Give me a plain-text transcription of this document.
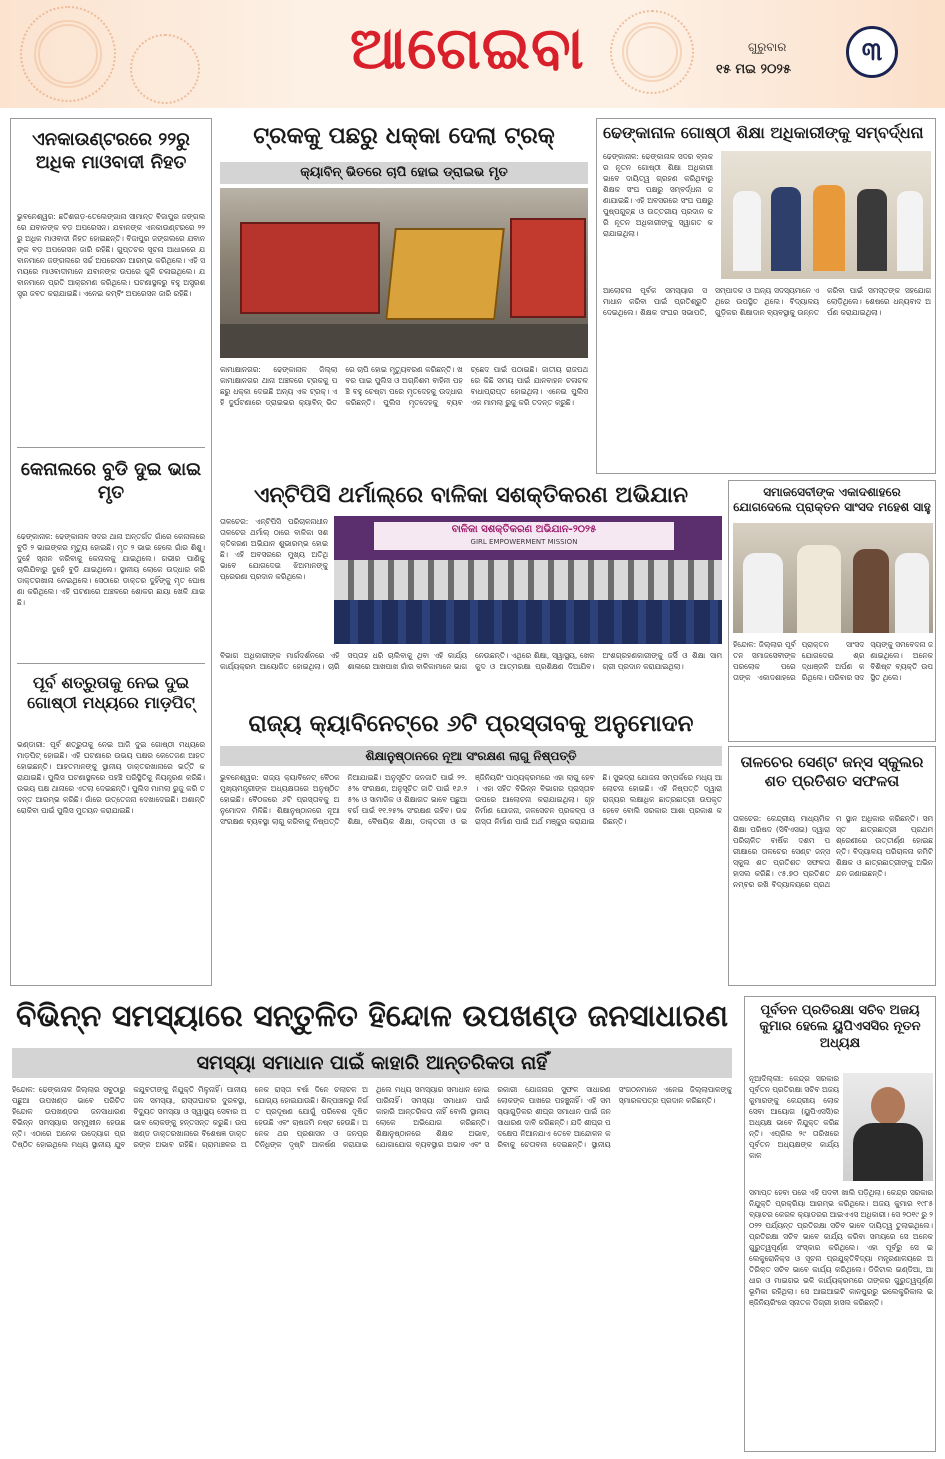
ଆଗେଇବା	ଗୁରୁବାର
୧୫ ମଇ ୨୦୨୫
୩
ଏନକାଉଣ୍ଟରରେ ୨୨ରୁ ଅଧିକ ମାଓବାଦୀ ନିହତ
ଭୁବନେଶ୍ୱର: ଛତିଶଗଡ଼-ତେଲେଙ୍ଗାନା ସୀମାନ୍ତ ବିଜାପୁର ଜଙ୍ଗଲରେ ଯବାନଙ୍କ ବଡ଼ ଅପରେସନ। ଯବାନଙ୍କ ଏନକାଉଣ୍ଟରରେ ୨୨ରୁ ଅଧିକ ମାଓବାଦୀ ନିହତ ହୋଇଛନ୍ତି। ବିଜାପୁର ଜଙ୍ଗଲରେ ଯବାନଙ୍କ ବଡ଼ ଅପରେସନ ଜାରି ରହିଛି। ଗୁପ୍ତଚର ସୂଚନା ଆଧାରରେ ଯବାନମାନେ ଜଙ୍ଗଲରେ ସର୍ଚ୍ଚ ଅପରେସନ ଆରମ୍ଭ କରିଥିଲେ। ଏହି ସମୟରେ ମାଓବାଦୀମାନେ ଯବାନଙ୍କ ଉପରେ ଗୁଳି ଚଳାଇଥିଲେ। ଯବାନମାନେ ପ୍ରତି ଆକ୍ରମଣ କରିଥିଲେ। ଘଟଣାସ୍ଥଳରୁ ବହୁ ଅସ୍ତ୍ରଶସ୍ତ୍ର ଜବତ କରାଯାଇଛି। ଏନେଇ କମ୍ବିଂ ଅପରେସନ ଜାରି ରହିଛି।
କେନାଲରେ ବୁଡି ଦୁଇ ଭାଇ ମୃତ
ଢେଙ୍କାନାଳ: ଢେଙ୍କାନାଳ ସଦର ଥାନା ଅନ୍ତର୍ଗତ ଗାଁରେ କେନାଲରେ ବୁଡି ୨ ଭାଇଙ୍କର ମୃତ୍ୟୁ ହୋଇଛି। ମୃତ ୨ ଭାଇ ହେଲେ ଗାଁର ଶିଶୁ। ଦୁହେଁ ସ୍ନାନ କରିବାକୁ କେନାଲକୁ ଯାଇଥିଲେ। ଗଭୀର ପାଣିକୁ ଚାଲିଯିବାରୁ ଦୁହେଁ ବୁଡି ଯାଇଥିଲେ। ସ୍ଥାନୀୟ ଲୋକେ ଉଦ୍ଧାର କରି ଡାକ୍ତରଖାନା ନେଇଥିଲେ। ସେଠାରେ ଡାକ୍ତର ଦୁହିଁଙ୍କୁ ମୃତ ଘୋଷଣା କରିଥିଲେ। ଏହି ଘଟଣାରେ ଅଞ୍ଚଳରେ ଶୋକର ଛାୟା ଖେଳି ଯାଇଛି।
ପୂର୍ବ ଶତ୍ରୁତାକୁ ନେଇ ଦୁଇ ଗୋଷ୍ଠୀ ମଧ୍ୟରେ ମାଡ଼ପିଟ୍
ଭଣ୍ଡାରୀ: ପୂର୍ବ ଶତ୍ରୁତାକୁ ନେଇ ଆଜି ଦୁଇ ଗୋଷ୍ଠୀ ମଧ୍ୟରେ ମାଡ଼ପିଟ୍ ହୋଇଛି। ଏହି ଘଟଣାରେ ଉଭୟ ପକ୍ଷର କେତେଜଣ ଆହତ ହୋଇଛନ୍ତି। ଆହତମାନଙ୍କୁ ସ୍ଥାନୀୟ ଡାକ୍ତରଖାନାରେ ଭର୍ତ୍ତି କରାଯାଇଛି। ପୁଲିସ ଘଟଣାସ୍ଥଳରେ ପହଞ୍ଚି ପରିସ୍ଥିତିକୁ ନିୟନ୍ତ୍ରଣ କରିଛି। ଉଭୟ ପକ୍ଷ ଥାନାରେ ଏତଲା ଦେଇଛନ୍ତି। ପୁଲିସ ମାମଲା ରୁଜୁ କରି ତଦନ୍ତ ଆରମ୍ଭ କରିଛି। ଗାଁରେ ଉତ୍ତେଜନା ଦେଖାଦେଇଛି। ଅଶାନ୍ତି ରୋକିବା ପାଇଁ ପୁଲିସ ମୁତୟନ କରାଯାଇଛି।
ଟ୍ରକକୁ ପଛରୁ ଧକ୍କା ଦେଲା ଟ୍ରକ୍
କ୍ୟାବିନ୍ ଭିତରେ ଚାପି ହୋଇ ଡ୍ରାଇଭ ମୃତ
କାମାକ୍ଷାନଗର: ଢେଙ୍କାନାଳ ଜିଲ୍ଲା କାମାକ୍ଷାନଗର ଥାନା ଅଞ୍ଚଳରେ ଟ୍ରକକୁ ପଛରୁ ଧକ୍କା ଦେଇଛି ଅନ୍ୟ ଏକ ଟ୍ରକ୍। ଏହି ଦୁର୍ଘଟଣାରେ ଡ୍ରାଇଭର କ୍ୟାବିନ୍ ଭିତରେ ଚାପି ହୋଇ ମୃତ୍ୟୁବରଣ କରିଛନ୍ତି। ଖବର ପାଇ ପୁଲିସ ଓ ଅଗ୍ନିଶମ ବାହିନୀ ପହଞ୍ଚି ବହୁ ଚେଷ୍ଟା ପରେ ମୃତଦେହକୁ ଉଦ୍ଧାର କରିଛନ୍ତି। ପୁଲିସ ମୃତଦେହକୁ ବ୍ୟବଚ୍ଛେଦ ପାଇଁ ପଠାଇଛି। ଜାତୀୟ ରାଜପଥରେ କିଛି ସମୟ ପାଇଁ ଯାନବାହନ ଚଳାଚଳ ବାଧାପ୍ରାପ୍ତ ହୋଇଥିଲା। ଏନେଇ ପୁଲିସ ଏକ ମାମଲା ରୁଜୁ କରି ତଦନ୍ତ କରୁଛି।
ଢେଙ୍କାନାଳ ଗୋଷ୍ଠୀ ଶିକ୍ଷା ଅଧିକାରୀଙ୍କୁ ସମ୍ବର୍ଦ୍ଧନା
ଢେଙ୍କାନାଳ: ଢେଙ୍କାନାଳ ସଦର ବ୍ଲକର ନୂତନ ଗୋଷ୍ଠୀ ଶିକ୍ଷା ଅଧିକାରୀ ଭାବେ ଦାୟିତ୍ୱ ଗ୍ରହଣ କରିଥିବାରୁ ଶିକ୍ଷକ ସଂଘ ପକ୍ଷରୁ ସମ୍ବର୍ଦ୍ଧନା ଜଣାଯାଇଛି। ଏହି ଅବସରରେ ସଂଘ ପକ୍ଷରୁ ପୁଷ୍ପଗୁଚ୍ଛ ଓ ଉତ୍ତରୀୟ ପ୍ରଦାନ କରି ନୂତନ ଅଧିକାରୀଙ୍କୁ ସ୍ୱାଗତ କରାଯାଇଥିଲା।
ଆଲୋଚନା ପୂର୍ବକ ସମସ୍ୟାର ସମାଧାନ କରିବା ପାଇଁ ପ୍ରତିଶ୍ରୁତି ଦେଇଥିଲେ। ଶିକ୍ଷକ ସଂଘର ସଭାପତି, ସମ୍ପାଦକ ଓ ଅନ୍ୟ ସଦସ୍ୟମାନେ ଏଥିରେ ଉପସ୍ଥିତ ଥିଲେ। ବିଦ୍ୟାଳୟଗୁଡ଼ିକର ଶିକ୍ଷାଦାନ ବ୍ୟବସ୍ଥାକୁ ଉନ୍ନତ କରିବା ପାଇଁ ସମସ୍ତଙ୍କ ସହଯୋଗ ଲୋଡ଼ିଥିଲେ। ଶେଷରେ ଧନ୍ୟବାଦ ଅର୍ପଣ କରାଯାଇଥିଲା।
ଏନ୍‌ଟିପିସି ଥର୍ମାଲ୍‌ରେ ବାଳିକା ସଶକ୍ତିକରଣ ଅଭିଯାନ
ତାଳଚେର: ଏନ୍‌ଟିପିସି ପରିଚାଳନାଧୀନ ତାଳଚେର ଥର୍ମାଲ୍ ଠାରେ ବାଳିକା ସଶକ୍ତିକରଣ ଅଭିଯାନ ଶୁଭାରମ୍ଭ ହୋଇଛି। ଏହି ଅବସରରେ ମୁଖ୍ୟ ଅତିଥି ଭାବେ ଯୋଗଦେଇ ଝିଅମାନଙ୍କୁ ପ୍ରେରଣା ପ୍ରଦାନ କରିଥିଲେ।
ବାଳିକା ସଶକ୍ତିକରଣ ଅଭିଯାନ-୨୦୨୫
GIRL EMPOWERMENT MISSION
ବିଭାଗ ଅଧିକାରୀଙ୍କ ମାର୍ଗଦର୍ଶନରେ ଏହି କାର୍ଯ୍ୟକ୍ରମ ଆୟୋଜିତ ହୋଇଥିଲା। ଚାରି ସପ୍ତାହ ଧରି ଚାଲିବାକୁ ଥିବା ଏହି କାର୍ଯ୍ୟଶାଳାରେ ଆଖପାଖ ଗାଁର ବାଳିକାମାନେ ଭାଗ ନେଉଛନ୍ତି। ଏଥିରେ ଶିକ୍ଷା, ସ୍ୱାସ୍ଥ୍ୟ, ଖେଳକୁଦ ଓ ଆତ୍ମରକ୍ଷା ପ୍ରଶିକ୍ଷଣ ଦିଆଯିବ। ଅଂଶଗ୍ରହଣକାରୀଙ୍କୁ ଜର୍ସି ଓ ଶିକ୍ଷା ସାମଗ୍ରୀ ପ୍ରଦାନ କରାଯାଇଥିଲା।
ସମାଜସେବୀଙ୍କ ଏକାଦଶାହରେ ଯୋଗଦେଲେ ପ୍ରାକ୍ତନ ସାଂସଦ ମହେଶ ସାହୁ
ହିନ୍ଦୋଳ: ଜିଲ୍ଲାର ପୂର୍ବତନ ସମାଜସେବୀଙ୍କ ପରଲୋକ ପରେ ତାଙ୍କ ଏକାଦଶାହରେ ପ୍ରାକ୍ତନ ସାଂସଦ ଯୋଗଦେଇ ଶ୍ରଦ୍ଧାଞ୍ଜଳି ଅର୍ପଣ କରିଥିଲେ। ପରିବାର ସଦସ୍ୟଙ୍କୁ ସମବେଦନା ଜଣାଇଥିଲେ। ଅନେକ ବିଶିଷ୍ଟ ବ୍ୟକ୍ତି ଉପସ୍ଥିତ ଥିଲେ।
ରାଜ୍ୟ କ୍ୟାବିନେଟ୍‌ରେ ୬ଟି ପ୍ରସ୍ତାବକୁ ଅନୁମୋଦନ
ଶିକ୍ଷାନୁଷ୍ଠାନରେ ନୂଆ ସଂରକ୍ଷଣ ଲାଗୁ ନିଷ୍ପତ୍ତି
ଭୁବନେଶ୍ୱର: ରାଜ୍ୟ କ୍ୟାବିନେଟ୍ ବୈଠକ ମୁଖ୍ୟମନ୍ତ୍ରୀଙ୍କ ଅଧ୍ୟକ୍ଷତାରେ ଅନୁଷ୍ଠିତ ହୋଇଛି। ବୈଠକରେ ୬ଟି ପ୍ରସ୍ତାବକୁ ଅନୁମୋଦନ ମିଳିଛି। ଶିକ୍ଷାନୁଷ୍ଠାନରେ ନୂଆ ସଂରକ୍ଷଣ ବ୍ୟବସ୍ଥା ଲାଗୁ କରିବାକୁ ନିଷ୍ପତ୍ତି ନିଆଯାଇଛି। ଅନୁସୂଚିତ ଜନଜାତି ପାଇଁ ୨୨.୫% ସଂରକ୍ଷଣ, ଅନୁସୂଚିତ ଜାତି ପାଇଁ ୧୬.୨୫% ଓ ସାମାଜିକ ଓ ଶିକ୍ଷାଗତ ଭାବେ ପଛୁଆ ବର୍ଗ ପାଇଁ ୧୧.୨୫% ସଂରକ୍ଷଣ ରହିବ। ଉଚ୍ଚ ଶିକ୍ଷା, ବୈଷୟିକ ଶିକ୍ଷା, ଡାକ୍ତରୀ ଓ ଇଞ୍ଜିନିୟରିଂ ପାଠ୍ୟକ୍ରମରେ ଏହା ଲାଗୁ ହେବ। ଏହା ସହିତ ବିଭିନ୍ନ ବିଭାଗର ପ୍ରସ୍ତାବ ଉପରେ ଆଲୋଚନା କରାଯାଇଥିଲା। ଗୃହ ନିର୍ମାଣ ଯୋଜନା, ଜଳସେଚନ ପ୍ରକଳ୍ପ ଓ ରାସ୍ତା ନିର୍ମାଣ ପାଇଁ ଅର୍ଥ ମଞ୍ଜୁର କରାଯାଇଛି। ସୁଭଦ୍ରା ଯୋଜନା ସମ୍ପର୍କରେ ମଧ୍ୟ ଆଲୋଚନା ହୋଇଛି। ଏହି ନିଷ୍ପତ୍ତି ଦ୍ୱାରା ରାଜ୍ୟର ଲକ୍ଷାଧିକ ଛାତ୍ରଛାତ୍ରୀ ଉପକୃତ ହେବେ ବୋଲି ସରକାର ଆଶା ପ୍ରକାଶ କରିଛନ୍ତି।
ତାଳଚେର ସେଣ୍ଟ ଜନ୍‌ସ ସ୍କୁଲର ଶତ ପ୍ରତିଶତ ସଫଳତା
ତାଳଚେର: କେନ୍ଦ୍ରୀୟ ମାଧ୍ୟମିକ ଶିକ୍ଷା ପରିଷଦ (ସିବିଏସଇ) ଦ୍ୱାରା ପରିଚାଳିତ ବାର୍ଷିକ ଦଶମ ପରୀକ୍ଷାରେ ତାଳଚେର ସେଣ୍ଟ ଜନ୍‌ସ ସ୍କୁଲ ଶତ ପ୍ରତିଶତ ସଫଳତା ହାସଲ କରିଛି। ୯୫.୭୦ ପ୍ରତିଶତ ନମ୍ବର ରଖି ବିଦ୍ୟାଳୟରେ ପ୍ରଥମ ସ୍ଥାନ ଅଧିକାର କରିଛନ୍ତି। ସମସ୍ତ ଛାତ୍ରଛାତ୍ରୀ ପ୍ରଥମ ଶ୍ରେଣୀରେ ଉତ୍ତୀର୍ଣ୍ଣ ହୋଇଛନ୍ତି। ବିଦ୍ୟାଳୟ ପରିଚାଳନା କମିଟି ଶିକ୍ଷକ ଓ ଛାତ୍ରଛାତ୍ରୀଙ୍କୁ ଅଭିନନ୍ଦନ ଜଣାଇଛନ୍ତି।
ବିଭିନ୍ନ ସମସ୍ୟାରେ ସନ୍ତୁଳିତ ହିନ୍ଦୋଳ ଉପଖଣ୍ଡ ଜନସାଧାରଣ
ସମସ୍ୟା ସମାଧାନ ପାଇଁ କାହାରି ଆନ୍ତରିକତା ନାହିଁ
ହିନ୍ଦୋଳ: ଢେଙ୍କାନାଳ ଜିଲ୍ଲାର ସବୁଠାରୁ ପଛୁଆ ଉପଖଣ୍ଡ ଭାବେ ପରିଚିତ ହିନ୍ଦୋଳ ଉପଖଣ୍ଡର ଜନସାଧାରଣ ବିଭିନ୍ନ ସମସ୍ୟାର ସମ୍ମୁଖୀନ ହେଉଛନ୍ତି। ଏଠାରେ ଅନେକ ଉଦ୍ୟୋଗ ପ୍ରତିଷ୍ଠିତ ହୋଇଥିଲେ ମଧ୍ୟ ସ୍ଥାନୀୟ ଯୁବକଯୁବତୀଙ୍କୁ ନିଯୁକ୍ତି ମିଳୁନାହିଁ। ପାନୀୟ ଜଳ ସମସ୍ୟା, ରାସ୍ତାଘାଟର ଦୁରବସ୍ଥା, ବିଦ୍ୟୁତ ସମସ୍ୟା ଓ ସ୍ୱାସ୍ଥ୍ୟ ସେବାର ଅଭାବ ଲୋକଙ୍କୁ ହନ୍ତସନ୍ତ କରୁଛି। ଉପଖଣ୍ଡ ଡାକ୍ତରଖାନାରେ ବିଶେଷଜ୍ଞ ଡାକ୍ତରଙ୍କ ଅଭାବ ରହିଛି। ଗ୍ରାମାଞ୍ଚଳର ଅନେକ ରାସ୍ତା ବର୍ଷା ଦିନେ ଚଲାଚଳ ଅଯୋଗ୍ୟ ହୋଇଯାଉଛି। ଶିଳ୍ପାଞ୍ଚଳରୁ ନିର୍ଗତ ପ୍ରଦୂଷଣ ଯୋଗୁଁ ପରିବେଶ ଦୂଷିତ ହେଉଛି ଏବଂ ଚାଷଜମି ନଷ୍ଟ ହେଉଛି। ଅନେକ ଥର ପ୍ରଶାସନ ଓ ଜନପ୍ରତିନିଧିଙ୍କ ଦୃଷ୍ଟି ଆକର୍ଷଣ କରାଯାଇଥିଲେ ମଧ୍ୟ ସମସ୍ୟାର ସମାଧାନ ହୋଇପାରିନାହିଁ। ସମସ୍ୟା ସମାଧାନ ପାଇଁ କାହାରି ଆନ୍ତରିକତା ନାହିଁ ବୋଲି ସ୍ଥାନୀୟ ଲୋକେ ଅଭିଯୋଗ କରିଛନ୍ତି। ଶିକ୍ଷାନୁଷ୍ଠାନରେ ଶିକ୍ଷକ ଅଭାବ, ଯୋଗାଯୋଗ ବ୍ୟବସ୍ଥାର ଅଭାବ ଏବଂ ସରକାରୀ ଯୋଜନାର ସୁଫଳ ସାଧାରଣ ଲୋକଙ୍କ ପାଖରେ ପହଞ୍ଚୁନାହିଁ। ଏହି ସମସ୍ୟାଗୁଡ଼ିକର ଶୀଘ୍ର ସମାଧାନ ପାଇଁ ଜନସାଧାରଣ ଦାବି କରିଛନ୍ତି। ଯଦି ଶୀଘ୍ର ପଦକ୍ଷେପ ନିଆନଯାଏ ତେବେ ଆନ୍ଦୋଳନ କରିବାକୁ ଚେତାବନୀ ଦେଇଛନ୍ତି। ସ୍ଥାନୀୟ ସଂଗଠନମାନେ ଏନେଇ ଜିଲ୍ଲାପାଳଙ୍କୁ ସ୍ମାରକପତ୍ର ପ୍ରଦାନ କରିଛନ୍ତି।
ପୂର୍ବତନ ପ୍ରତିରକ୍ଷା ସଚିବ ଅଜୟ କୁମାର ହେଲେ ୟୁପିଏସସିର ନୂତନ ଅଧ୍ୟକ୍ଷ
ନୂଆଦିଲ୍ଲୀ: କେନ୍ଦ୍ର ସରକାର ପୂର୍ବତନ ପ୍ରତିରକ୍ଷା ସଚିବ ଅଜୟ କୁମାରଙ୍କୁ କେନ୍ଦ୍ରୀୟ ଲୋକସେବା ଆୟୋଗ (ୟୁପିଏସସି)ର ଅଧ୍ୟକ୍ଷ ଭାବେ ନିଯୁକ୍ତ କରିଛନ୍ତି। ଏପ୍ରିଲ ୨୯ ତାରିଖରେ ପୂର୍ବତନ ଅଧ୍ୟକ୍ଷଙ୍କ କାର୍ଯ୍ୟକାଳ
ସମାପ୍ତ ହେବା ପରେ ଏହି ପଦବୀ ଖାଲି ପଡ଼ିଥିଲା। କେନ୍ଦ୍ର ସରକାର ନିଯୁକ୍ତି ପ୍ରକ୍ରିୟା ଆରମ୍ଭ କରିଥିଲେ। ଅଜୟ କୁମାର ୧୯୮୫ ବ୍ୟାଚର କେରଳ କ୍ୟାଡରର ଆଇଏଏସ ଅଧିକାରୀ। ସେ ୨୦୧୯ ରୁ ୨୦୨୨ ପର୍ଯ୍ୟନ୍ତ ପ୍ରତିରକ୍ଷା ସଚିବ ଭାବେ ଦାୟିତ୍ୱ ତୁଲାଇଥିଲେ। ପ୍ରତିରକ୍ଷା ସଚିବ ଭାବେ କାର୍ଯ୍ୟ କରିବା ସମୟରେ ସେ ଅନେକ ଗୁରୁତ୍ୱପୂର୍ଣ୍ଣ ସଂସ୍କାର କରିଥିଲେ। ଏହା ପୂର୍ବରୁ ସେ ଇଲେକ୍ଟ୍ରୋନିକ୍ସ ଓ ସୂଚନା ପ୍ରଯୁକ୍ତିବିଦ୍ୟା ମନ୍ତ୍ରଣାଳୟରେ ଅତିରିକ୍ତ ସଚିବ ଭାବେ କାର୍ଯ୍ୟ କରିଥିଲେ। ଡିଜିଟାଲ ଇଣ୍ଡିଆ, ଆଧାର ଓ ମାଇଗଭ ଭଳି କାର୍ଯ୍ୟକ୍ରମରେ ତାଙ୍କର ଗୁରୁତ୍ୱପୂର୍ଣ୍ଣ ଭୂମିକା ରହିଥିଲା। ସେ ଆଇଆଇଟି କାନପୁରରୁ ଇଲେକ୍ଟ୍ରିକାଲ ଇଞ୍ଜିନିୟରିଂରେ ସ୍ନାତକ ଡିଗ୍ରୀ ହାସଲ କରିଛନ୍ତି।
